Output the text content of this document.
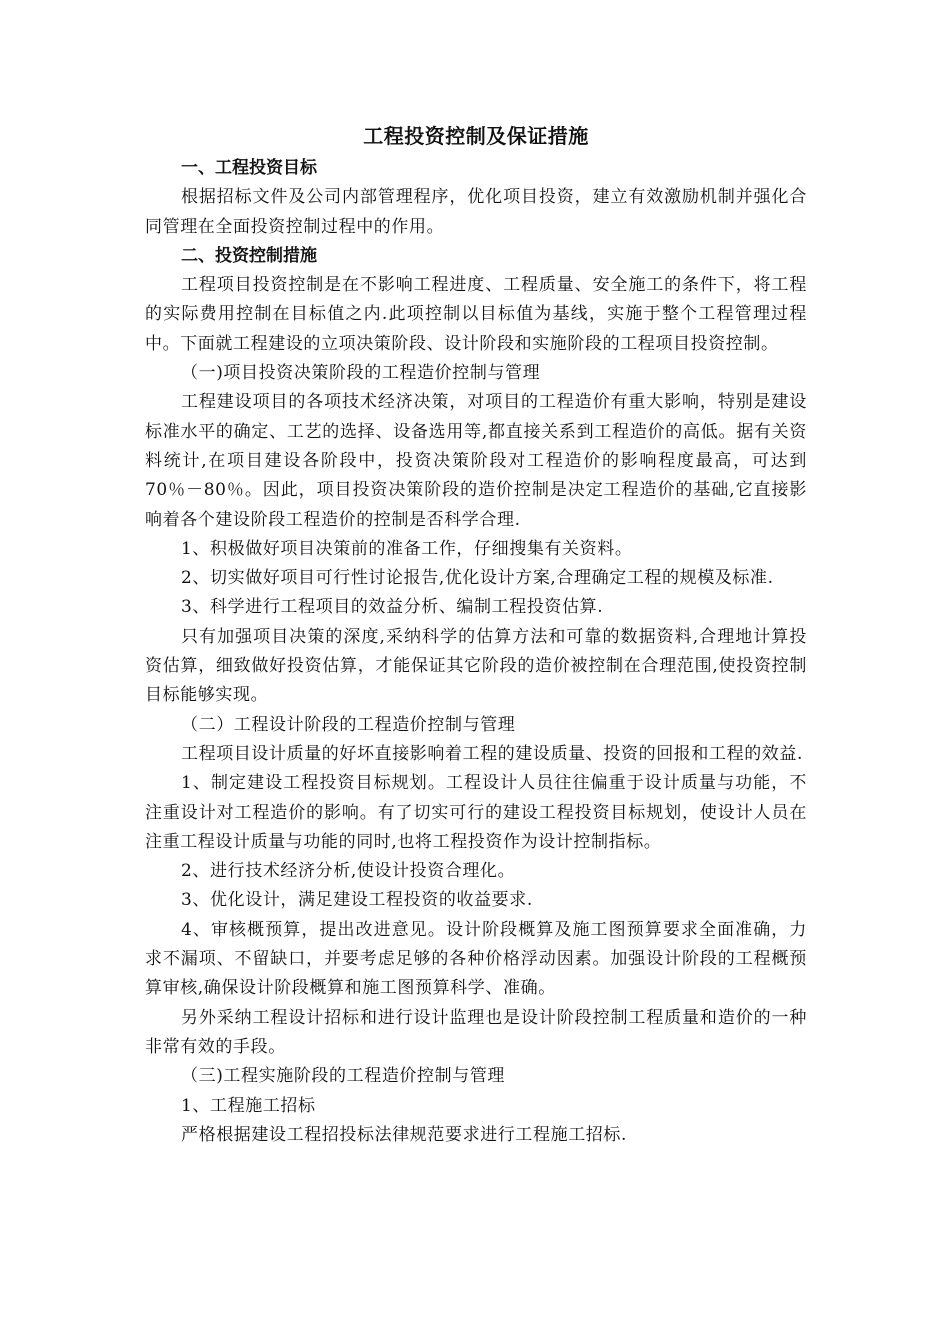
工程投资控制及保证措施

一、工程投资目标

根据招标文件及公司内部管理程序，优化项目投资，建立有效激励机制并强化合同管理在全面投资控制过程中的作用。

二、投资控制措施

工程项目投资控制是在不影响工程进度、工程质量、安全施工的条件下，将工程的实际费用控制在目标值之内.此项控制以目标值为基线，实施于整个工程管理过程中。下面就工程建设的立项决策阶段、设计阶段和实施阶段的工程项目投资控制。

（一)项目投资决策阶段的工程造价控制与管理

工程建设项目的各项技术经济决策，对项目的工程造价有重大影响，特别是建设标准水平的确定、工艺的选择、设备选用等,都直接关系到工程造价的高低。据有关资料统计,在项目建设各阶段中，投资决策阶段对工程造价的影响程度最高，可达到70％－80％。因此，项目投资决策阶段的造价控制是决定工程造价的基础,它直接影响着各个建设阶段工程造价的控制是否科学合理.

1、积极做好项目决策前的准备工作，仔细搜集有关资料。

2、切实做好项目可行性讨论报告,优化设计方案,合理确定工程的规模及标准.

3、科学进行工程项目的效益分析、编制工程投资估算.

只有加强项目决策的深度,采纳科学的估算方法和可靠的数据资料,合理地计算投资估算，细致做好投资估算，才能保证其它阶段的造价被控制在合理范围,使投资控制目标能够实现。

（二）工程设计阶段的工程造价控制与管理

工程项目设计质量的好坏直接影响着工程的建设质量、投资的回报和工程的效益.

1、制定建设工程投资目标规划。工程设计人员往往偏重于设计质量与功能，不注重设计对工程造价的影响。有了切实可行的建设工程投资目标规划，使设计人员在注重工程设计质量与功能的同时,也将工程投资作为设计控制指标。

2、进行技术经济分析,使设计投资合理化。

3、优化设计，满足建设工程投资的收益要求.

4、审核概预算，提出改进意见。设计阶段概算及施工图预算要求全面准确，力求不漏项、不留缺口，并要考虑足够的各种价格浮动因素。加强设计阶段的工程概预算审核,确保设计阶段概算和施工图预算科学、准确。

另外采纳工程设计招标和进行设计监理也是设计阶段控制工程质量和造价的一种非常有效的手段。

（三)工程实施阶段的工程造价控制与管理

1、工程施工招标

严格根据建设工程招投标法律规范要求进行工程施工招标.
